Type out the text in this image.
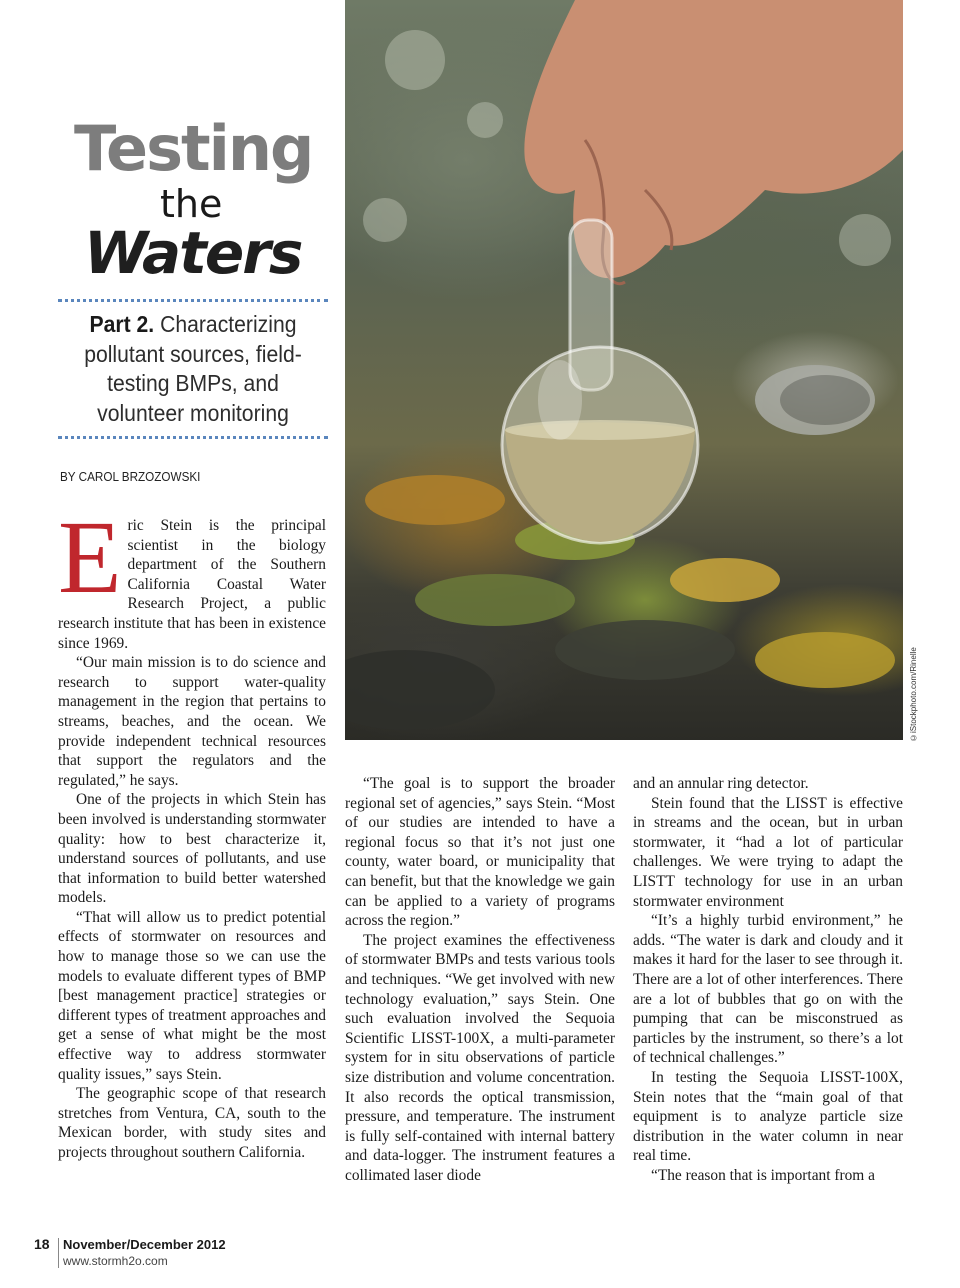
©iStockphoto.com/Rinelle
Testing
the
Waters
Part 2. Characterizing pollutant sources, field-testing BMPs, and volunteer monitoring
BY CAROL BRZOZOWSKI

Eric Stein is the principal scientist in the biology department of the Southern California Coastal Water Research Project, a public research institute that has been in existence since 1969.

“Our main mission is to do science and research to support water-quality management in the region that pertains to streams, beaches, and the ocean. We provide independent technical resources that support the regulators and the regulated,” he says.

One of the projects in which Stein has been involved is understanding stormwater quality: how to best characterize it, understand sources of pollutants, and use that information to build better watershed models.

“That will allow us to predict potential effects of stormwater on resources and how to manage those so we can use the models to evaluate different types of BMP [best management practice] strategies or different types of treatment approaches and get a sense of what might be the most effective way to address stormwater quality issues,” says Stein.

The geographic scope of that research stretches from Ventura, CA, south to the Mexican border, with study sites and projects throughout southern California.

“The goal is to support the broader regional set of agencies,” says Stein. “Most of our studies are intended to have a regional focus so that it’s not just one county, water board, or municipality that can benefit, but that the knowledge we gain can be applied to a variety of programs across the region.”

The project examines the effectiveness of stormwater BMPs and tests various tools and techniques. “We get involved with new technology evaluation,” says Stein. One such evaluation involved the Sequoia Scientific LISST-100X, a multi-parameter system for in situ observations of particle size distribution and volume concentration. It also records the optical transmission, pressure, and temperature. The instrument is fully self-contained with internal battery and data-logger. The instrument features a collimated laser diode

and an annular ring detector.

Stein found that the LISST is effective in streams and the ocean, but in urban stormwater, it “had a lot of particular challenges. We were trying to adapt the LISTT technology for use in an urban stormwater environment

“It’s a highly turbid environment,” he adds. “The water is dark and cloudy and it makes it hard for the laser to see through it. There are a lot of other interferences. There are a lot of bubbles that go on with the pumping that can be misconstrued as particles by the instrument, so there’s a lot of technical challenges.”

In testing the Sequoia LISST-100X, Stein notes that the “main goal of that equipment is to analyze particle size distribution in the water column in near real time.

“The reason that is important from a

18 November/December 2012
www.stormh2o.com
